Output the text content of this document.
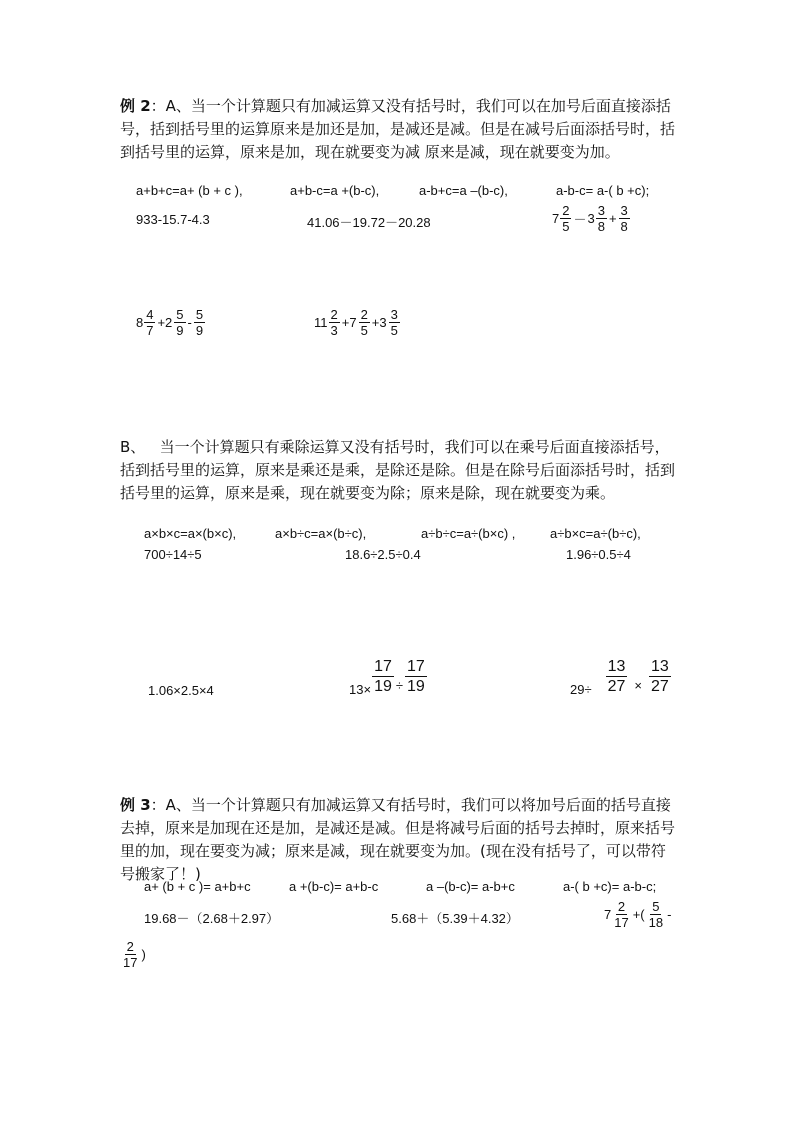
例 2：A、当一个计算题只有加减运算又没有括号时，我们可以在加号后面直接添括号，括到括号里的运算原来是加还是加，是减还是减。但是在减号后面添括号时，括到括号里的运算，原来是加，现在就要变为减 原来是减，现在就要变为加。
a+b+c=a+ (b + c ),	a+b-c=a +(b-c),	a-b+c=a –(b-c),	a-b-c= a-( b +c);
933-15.7-4.3	41.06－19.72－20.28	$7 \frac{2}{5} -3 \frac{3}{8} + \frac{3}{8}$
$8 \frac{4}{7} +2 \frac{5}{9} - \frac{5}{9}$	$11 \frac{2}{3} +7 \frac{2}{5} +3 \frac{3}{5}$
B、 当一个计算题只有乘除运算又没有括号时，我们可以在乘号后面直接添括号，括到括号里的运算，原来是乘还是乘，是除还是除。但是在除号后面添括号时，括到括号里的运算，原来是乘，现在就要变为除；原来是除，现在就要变为乘。
a×b×c=a×(b×c),	a×b÷c=a×(b÷c),	a÷b÷c=a÷(b×c) ,	a÷b×c=a÷(b÷c),
700÷14÷5	18.6÷2.5÷0.4	1.96÷0.5÷4
1.06×2.5×4	$13\times \frac{17}{19} \div \frac{17}{19}$	$29\div \frac{13}{27} \times \frac{13}{27}$
例 3：A、当一个计算题只有加减运算又有括号时，我们可以将加号后面的括号直接去掉，原来是加现在还是加，是减还是减。但是将减号后面的括号去掉时，原来括号里的加，现在要变为减；原来是减，现在就要变为加。(现在没有括号了，可以带符号搬家了！)
a+ (b + c )= a+b+c	a +(b-c)= a+b-c	a –(b-c)= a-b+c	a-( b +c)= a-b-c;
19.68－（2.68＋2.97）	5.68＋（5.39＋4.32）	$7 \frac{2}{17}$ +( $\frac{5}{18}$ -
$\frac{2}{17}$ )
